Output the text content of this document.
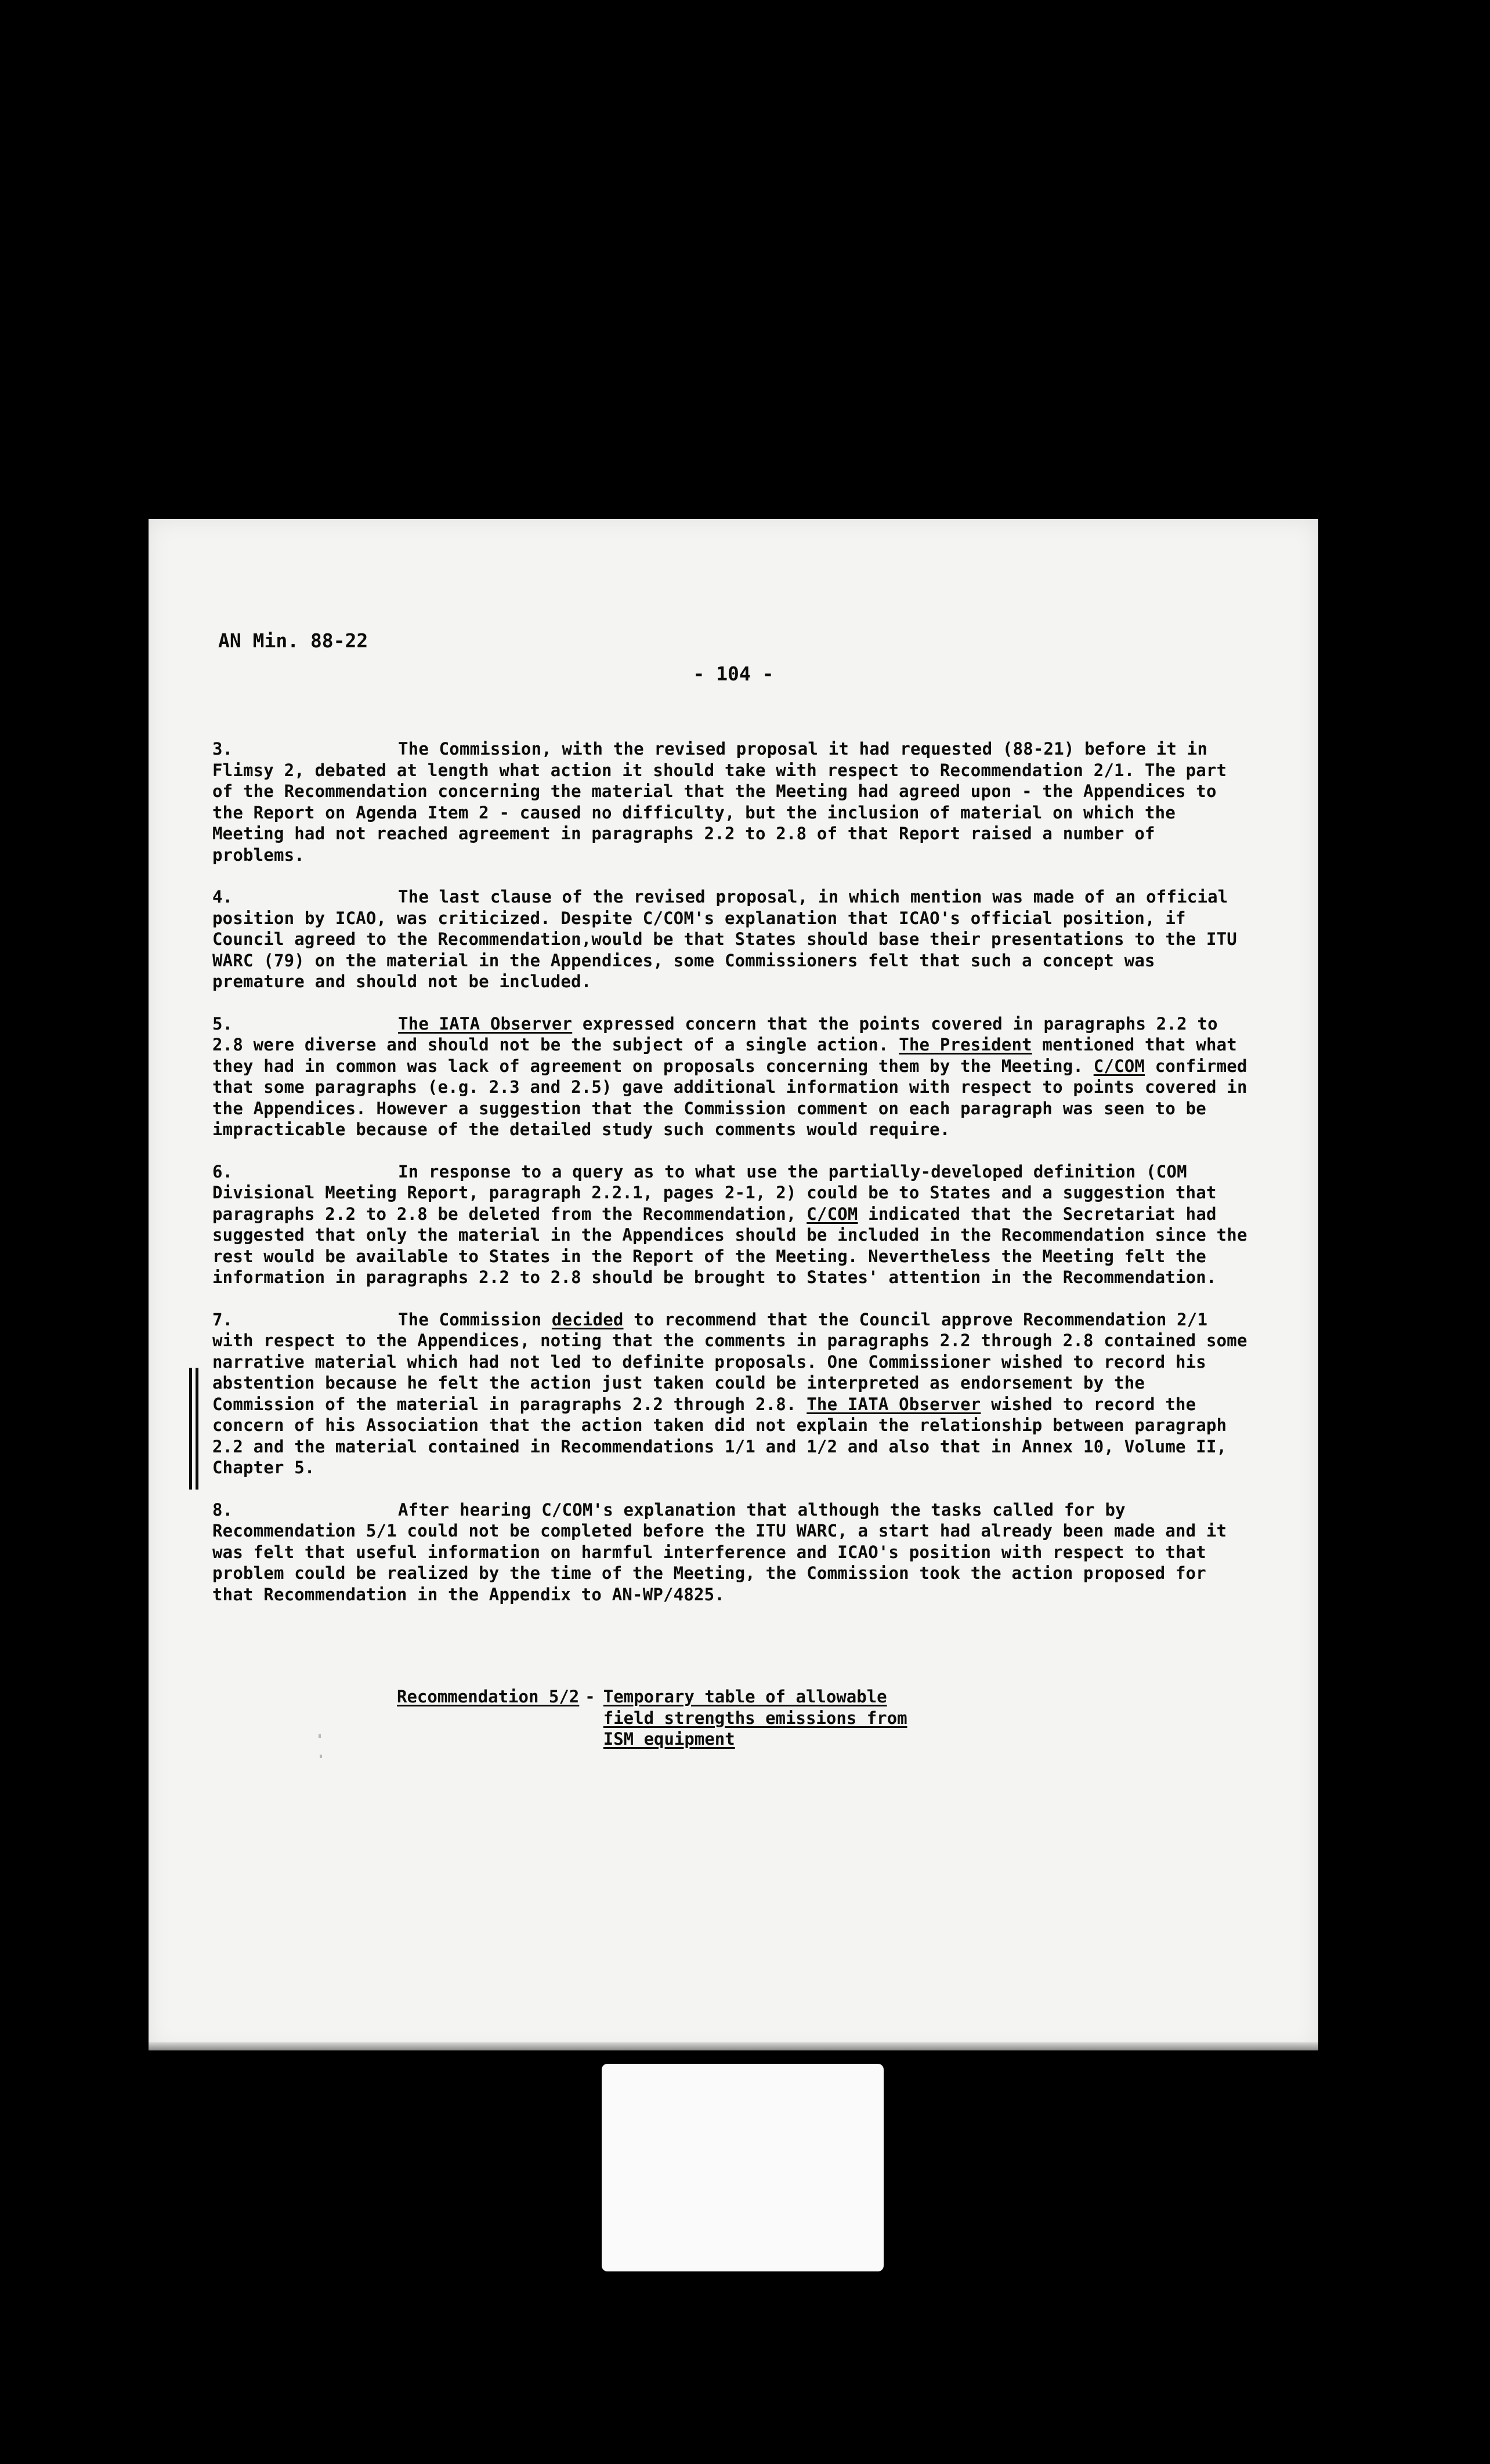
AN Min. 88-22
- 104 -

3.	The Commission, with the revised proposal it had requested (88-21) before it in Flimsy 2, debated at length what action it should take with respect to Recommendation 2/1. The part of the Recommendation concerning the material that the Meeting had agreed upon - the Appendices to the Report on Agenda Item 2 - caused no difficulty, but the inclusion of material on which the Meeting had not reached agreement in paragraphs 2.2 to 2.8 of that Report raised a number of problems.

4.	The last clause of the revised proposal, in which mention was made of an official position by ICAO, was criticized. Despite C/COM's explanation that ICAO's official position, if Council agreed to the Recommendation,would be that States should base their presentations to the ITU WARC (79) on the material in the Appendices, some Commissioners felt that such a concept was premature and should not be included.

5.	The IATA Observer expressed concern that the points covered in paragraphs 2.2 to 2.8 were diverse and should not be the subject of a single action. The President mentioned that what they had in common was lack of agreement on proposals concerning them by the Meeting. C/COM confirmed that some paragraphs (e.g. 2.3 and 2.5) gave additional information with respect to points covered in the Appendices. However a suggestion that the Commission comment on each paragraph was seen to be impracticable because of the detailed study such comments would require.

6.	In response to a query as to what use the partially-developed definition (COM Divisional Meeting Report, paragraph 2.2.1, pages 2-1, 2) could be to States and a suggestion that paragraphs 2.2 to 2.8 be deleted from the Recommendation, C/COM indicated that the Secretariat had suggested that only the material in the Appendices should be included in the Recommendation since the rest would be available to States in the Report of the Meeting. Nevertheless the Meeting felt the information in paragraphs 2.2 to 2.8 should be brought to States' attention in the Recommendation.

7.	The Commission decided to recommend that the Council approve Recommendation 2/1 with respect to the Appendices, noting that the comments in paragraphs 2.2 through 2.8 contained some narrative material which had not led to definite proposals. One Commissioner wished to record his abstention because he felt the action just taken could be interpreted as endorsement by the Commission of the material in paragraphs 2.2 through 2.8. The IATA Observer wished to record the concern of his Association that the action taken did not explain the relationship between paragraph 2.2 and the material contained in Recommendations 1/1 and 1/2 and also that in Annex 10, Volume II, Chapter 5.

8.	After hearing C/COM's explanation that although the tasks called for by Recommendation 5/1 could not be completed before the ITU WARC, a start had already been made and it was felt that useful information on harmful interference and ICAO's position with respect to that problem could be realized by the time of the Meeting, the Commission took the action proposed for that Recommendation in the Appendix to AN-WP/4825.

Recommendation 5/2 - Temporary table of allowable
field strengths emissions from
ISM equipment
